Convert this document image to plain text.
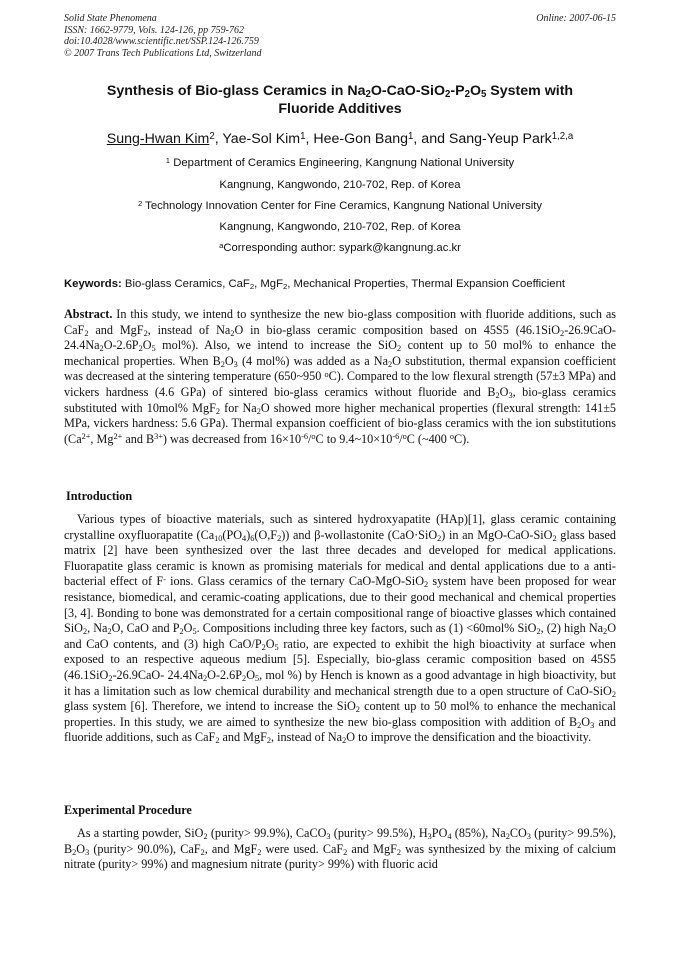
Solid State Phenomena
ISSN: 1662-9779, Vols. 124-126, pp 759-762
doi:10.4028/www.scientific.net/SSP.124-126.759
© 2007 Trans Tech Publications Ltd, Switzerland
Online: 2007-06-15
Synthesis of Bio-glass Ceramics in $Na_2O-CaO-SiO_2-P_2O_5$ System with
Fluoride Additives
Sung-Hwan Kim$^2$, Yae-Sol Kim$^1$, Hee-Gon Bang$^1$, and Sang-Yeup Park$^{1,2,a}$
$^1$ Department of Ceramics Engineering, Kangnung National University
Kangnung, Kangwondo, 210-702, Rep. of Korea
$^2$ Technology Innovation Center for Fine Ceramics, Kangnung National University
Kangnung, Kangwondo, 210-702, Rep. of Korea
$^a$Corresponding author: sypark@kangnung.ac.kr
Keywords: Bio-glass Ceramics, CaF$_2$, MgF$_2$, Mechanical Properties, Thermal Expansion Coefficient
Abstract. In this study, we intend to synthesize the new bio-glass composition with fluoride additions, such as CaF$_2$ and MgF$_2$, instead of $Na_2O$ in bio-glass ceramic composition based on 45S5 ($46.1SiO_2-26.9CaO-24.4Na_2O-2.6P_2O_5$ mol%). Also, we intend to increase the SiO$_2$ content up to 50 mol% to enhance the mechanical properties. When $B_2O_3$ (4 mol%) was added as a $Na_2O$ substitution, thermal expansion coefficient was decreased at the sintering temperature (650~950 $^o$C). Compared to the low flexural strength (57±3 MPa) and vickers hardness (4.6 GPa) of sintered bio-glass ceramics without fluoride and $B_2O_3$, bio-glass ceramics substituted with 10mol% MgF$_2$ for $Na_2O$ showed more higher mechanical properties (flexural strength: 141±5 MPa, vickers hardness: 5.6 GPa). Thermal expansion coefficient of bio-glass ceramics with the ion substitutions ($Ca^{2+}$, $Mg^{2+}$ and $B^{3+}$) was decreased from $16\times 10^{-6}/^oC$ to $9.4\sim 10\times 10^{-6}/^oC$ (~400 $^o$C).
Introduction
Various types of bioactive materials, such as sintered hydroxyapatite (HAp)[1], glass ceramic containing crystalline oxyfluorapatite $(Ca_{10}(PO_4)_6(O,F_2))$ and β-wollastonite (CaO·SiO$_2$) in an MgO-CaO-SiO$_2$ glass based matrix [2] have been synthesized over the last three decades and developed for medical applications. Fluorapatite glass ceramic is known as promising materials for medical and dental applications due to a anti-bacterial effect of F- ions. Glass ceramics of the ternary CaO-MgO-SiO$_2$ system have been proposed for wear resistance, biomedical, and ceramic-coating applications, due to their good mechanical and chemical properties [3, 4]. Bonding to bone was demonstrated for a certain compositional range of bioactive glasses which contained SiO$_2$, $Na_2O$, CaO and $P_2O_5$. Compositions including three key factors, such as (1) <60mol% SiO$_2$, (2) high $Na_2O$ and CaO contents, and (3) high CaO/$P_2O_5$ ratio, are expected to exhibit the high bioactivity at surface when exposed to an respective aqueous medium [5]. Especially, bio-glass ceramic composition based on 45S5 (46.1SiO$_2$-26.9CaO- $24.4Na_2O-2.6P_2O_5$, mol %) by Hench is known as a good advantage in high bioactivity, but it has a limitation such as low chemical durability and mechanical strength due to a open structure of CaO-SiO$_2$ glass system [6]. Therefore, we intend to increase the SiO$_2$ content up to 50 mol% to enhance the mechanical properties. In this study, we are aimed to synthesize the new bio-glass composition with addition of $B_2O_3$ and fluoride additions, such as CaF$_2$ and MgF$_2$, instead of $Na_2O$ to improve the densification and the bioactivity.
Experimental Procedure
As a starting powder, SiO$_2$ (purity> 99.9%), CaCO$_3$ (purity> 99.5%), $H_3PO_4$ (85%), $Na_2CO_3$ (purity> 99.5%), $B_2O_3$ (purity> 90.0%), CaF$_2$, and MgF$_2$ were used. CaF$_2$ and MgF$_2$ was synthesized by the mixing of calcium nitrate (purity> 99%) and magnesium nitrate (purity> 99%) with fluoric acid
